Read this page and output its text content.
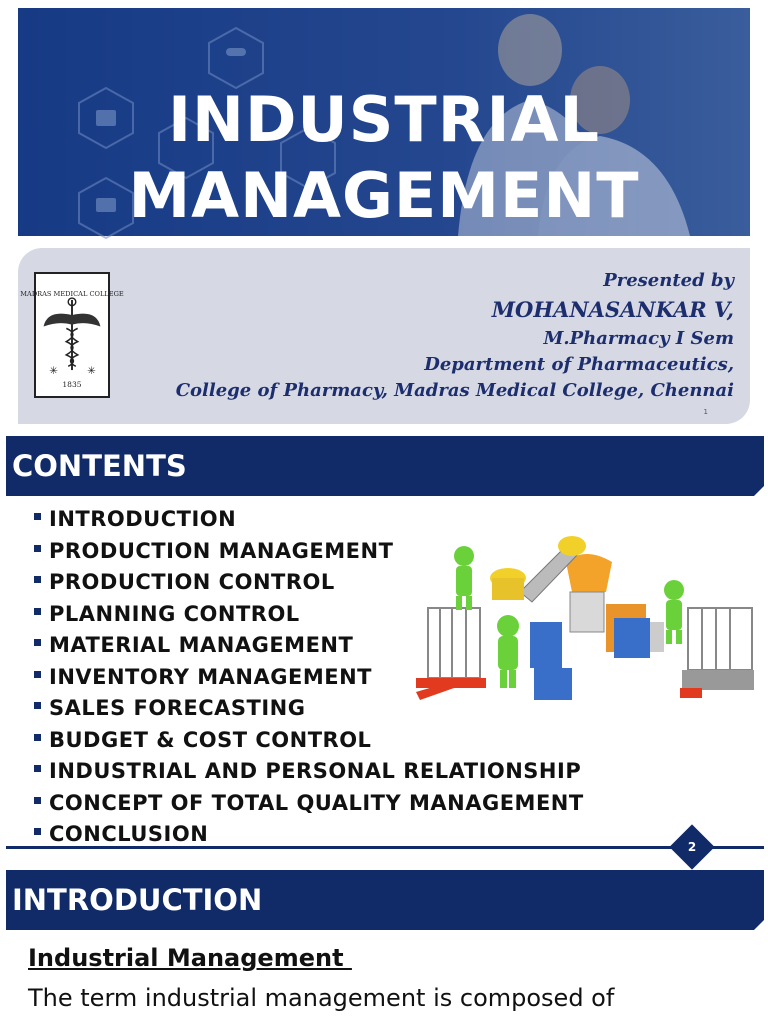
INDUSTRIAL
MANAGEMENT
MADRAS MEDICAL COLLEGE
✳	✳
1835
Presented by
MOHANASANKAR V,
M.Pharmacy I Sem
Department of Pharmaceutics,
College of Pharmacy, Madras Medical College, Chennai
1
CONTENTS
INTRODUCTION
PRODUCTION MANAGEMENT
PRODUCTION CONTROL
PLANNING CONTROL
MATERIAL MANAGEMENT
INVENTORY MANAGEMENT
SALES FORECASTING
BUDGET & COST CONTROL
INDUSTRIAL AND PERSONAL RELATIONSHIP
CONCEPT OF TOTAL QUALITY MANAGEMENT
CONCLUSION
2
INTRODUCTION
Industrial Management
The term industrial management is composed of
